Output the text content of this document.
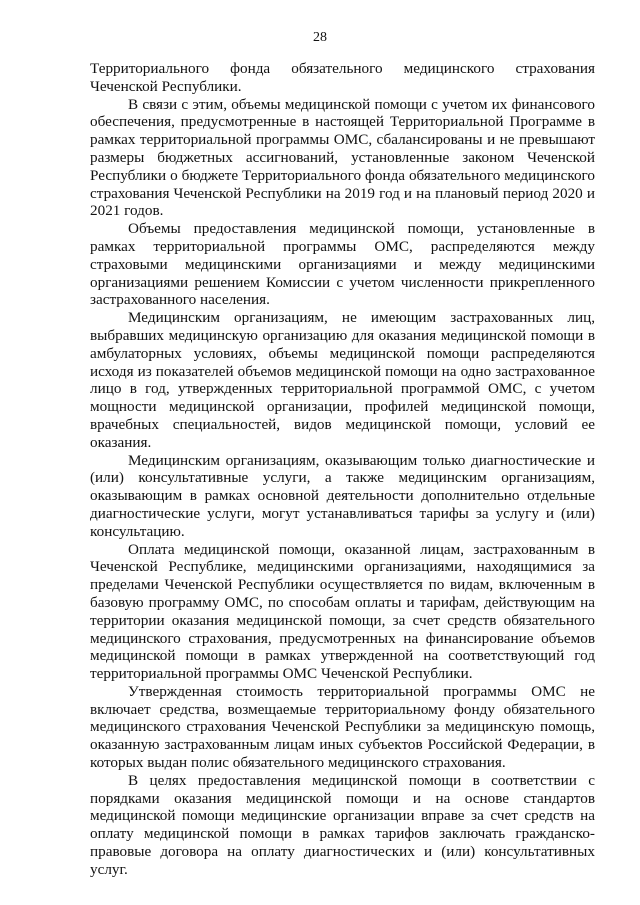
28

Территориального фонда обязательного медицинского страхования Чеченской Республики.

В связи с этим, объемы медицинской помощи с учетом их финансового обеспечения, предусмотренные в настоящей Территориальной Программе в рамках территориальной программы ОМС, сбалансированы и не превышают размеры бюджетных ассигнований, установленные законом Чеченской Республики о бюджете Территориального фонда обязательного медицинского страхования Чеченской Республики на 2019 год и на плановый период 2020 и 2021 годов.

Объемы предоставления медицинской помощи, установленные в рамках территориальной программы ОМС, распределяются между страховыми медицинскими организациями и между медицинскими организациями решением Комиссии с учетом численности прикрепленного застрахованного населения.

Медицинским организациям, не имеющим застрахованных лиц, выбравших медицинскую организацию для оказания медицинской помощи в амбулаторных условиях, объемы медицинской помощи распределяются исходя из показателей объемов медицинской помощи на одно застрахованное лицо в год, утвержденных территориальной программой ОМС, с учетом мощности медицинской организации, профилей медицинской помощи, врачебных специальностей, видов медицинской помощи, условий ее оказания.

Медицинским организациям, оказывающим только диагностические и (или) консультативные услуги, а также медицинским организациям, оказывающим в рамках основной деятельности дополнительно отдельные диагностические услуги, могут устанавливаться тарифы за услугу и (или) консультацию.

Оплата медицинской помощи, оказанной лицам, застрахованным в Чеченской Республике, медицинскими организациями, находящимися за пределами Чеченской Республики осуществляется по видам, включенным в базовую программу ОМС, по способам оплаты и тарифам, действующим на территории оказания медицинской помощи, за счет средств обязательного медицинского страхования, предусмотренных на финансирование объемов медицинской помощи в рамках утвержденной на соответствующий год территориальной программы ОМС Чеченской Республики.

Утвержденная стоимость территориальной программы ОМС не включает средства, возмещаемые территориальному фонду обязательного медицинского страхования Чеченской Республики за медицинскую помощь, оказанную застрахованным лицам иных субъектов Российской Федерации, в которых выдан полис обязательного медицинского страхования.

В целях предоставления медицинской помощи в соответствии с порядками оказания медицинской помощи и на основе стандартов медицинской помощи медицинские организации вправе за счет средств на оплату медицинской помощи в рамках тарифов заключать гражданско-правовые договора на оплату диагностических и (или) консультативных услуг.
